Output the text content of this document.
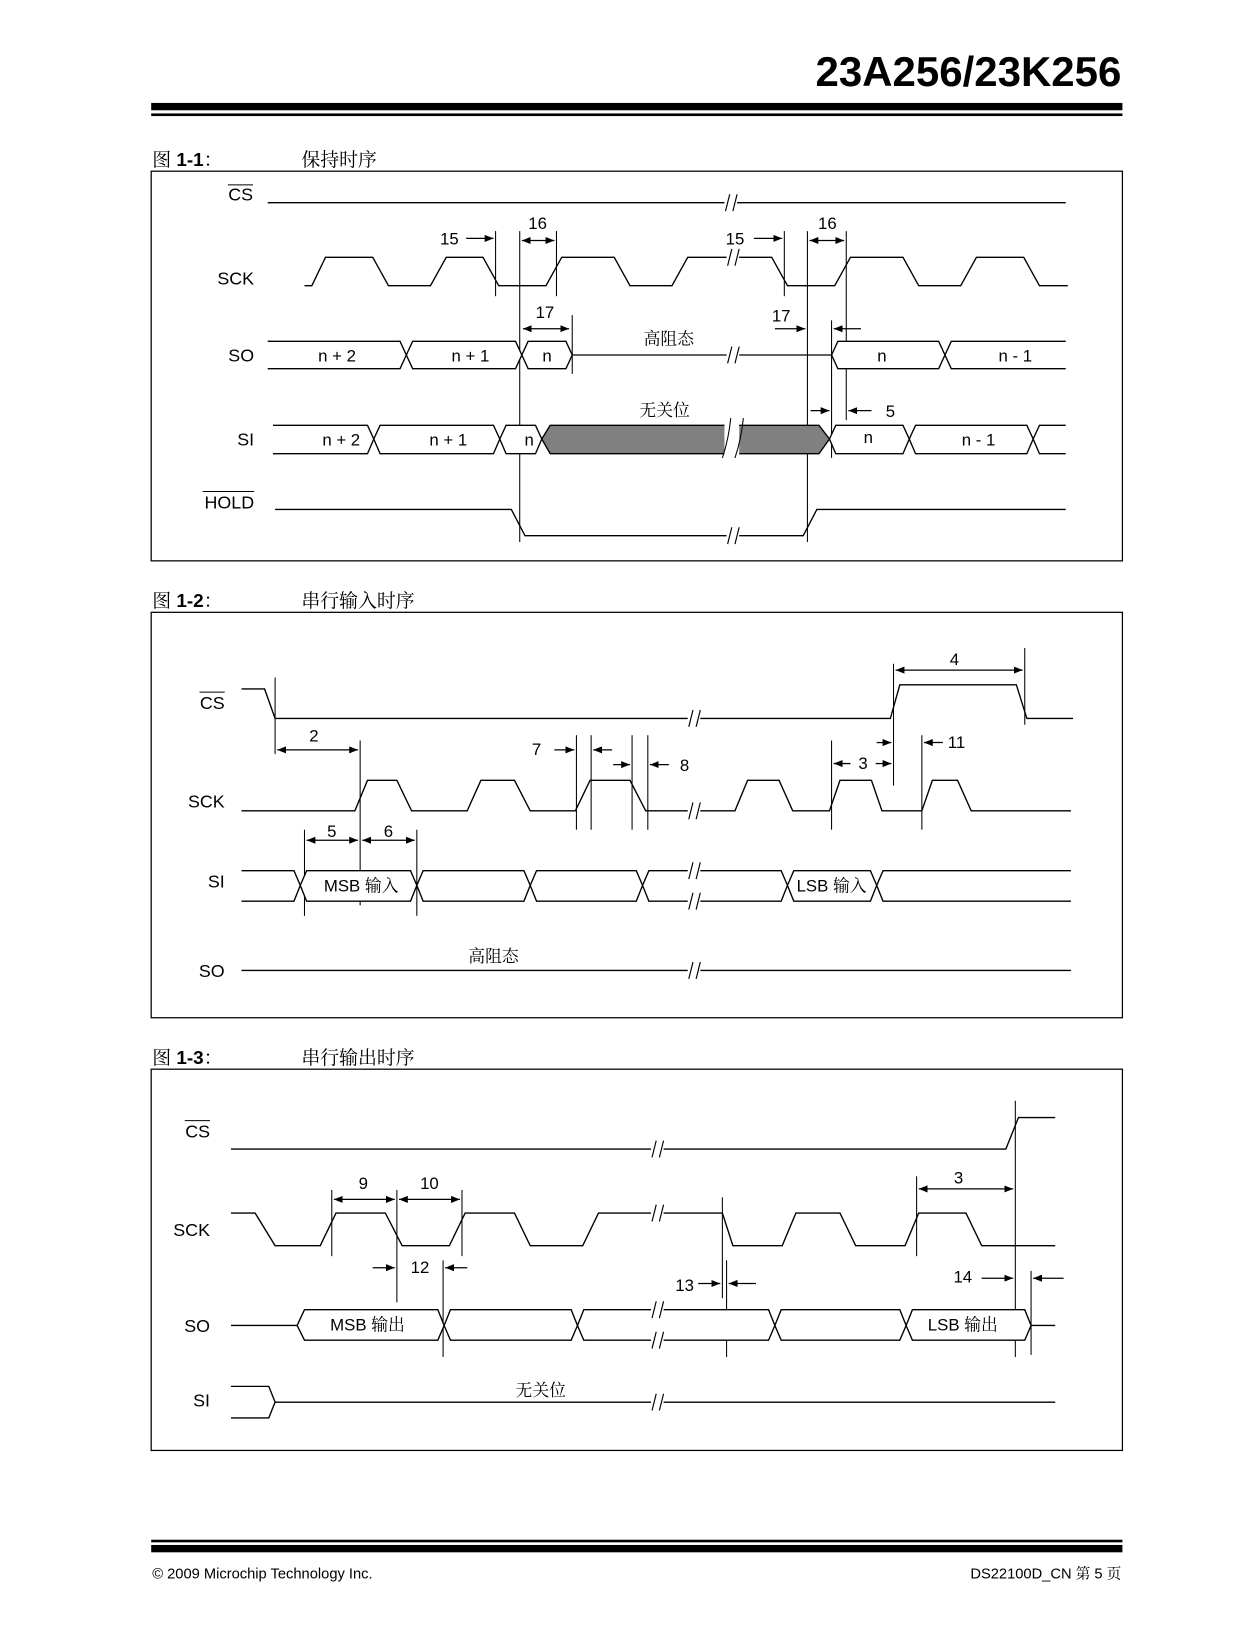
23A256/23K256
图 1-1：	保持时序
CS
SCK
15
16
15
16
SO
17	17
n + 2	n + 1	n	n	n - 1
高阻态
SI
无关位	5
n + 2	n + 1	n	n	n - 1
HOLD
图 1-2：	串行输入时序
CS
4
2
7
8	3
11
SCK
SI
5	6
MSB 输入	LSB 输入
SO
高阻态
图 1-3：	串行输出时序
CS
9	10	3
SCK
12
13	14
SO	MSB 输出	LSB 输出
SI
无关位
© 2009 Microchip Technology Inc.	DS22100D_CN 第 5 页
